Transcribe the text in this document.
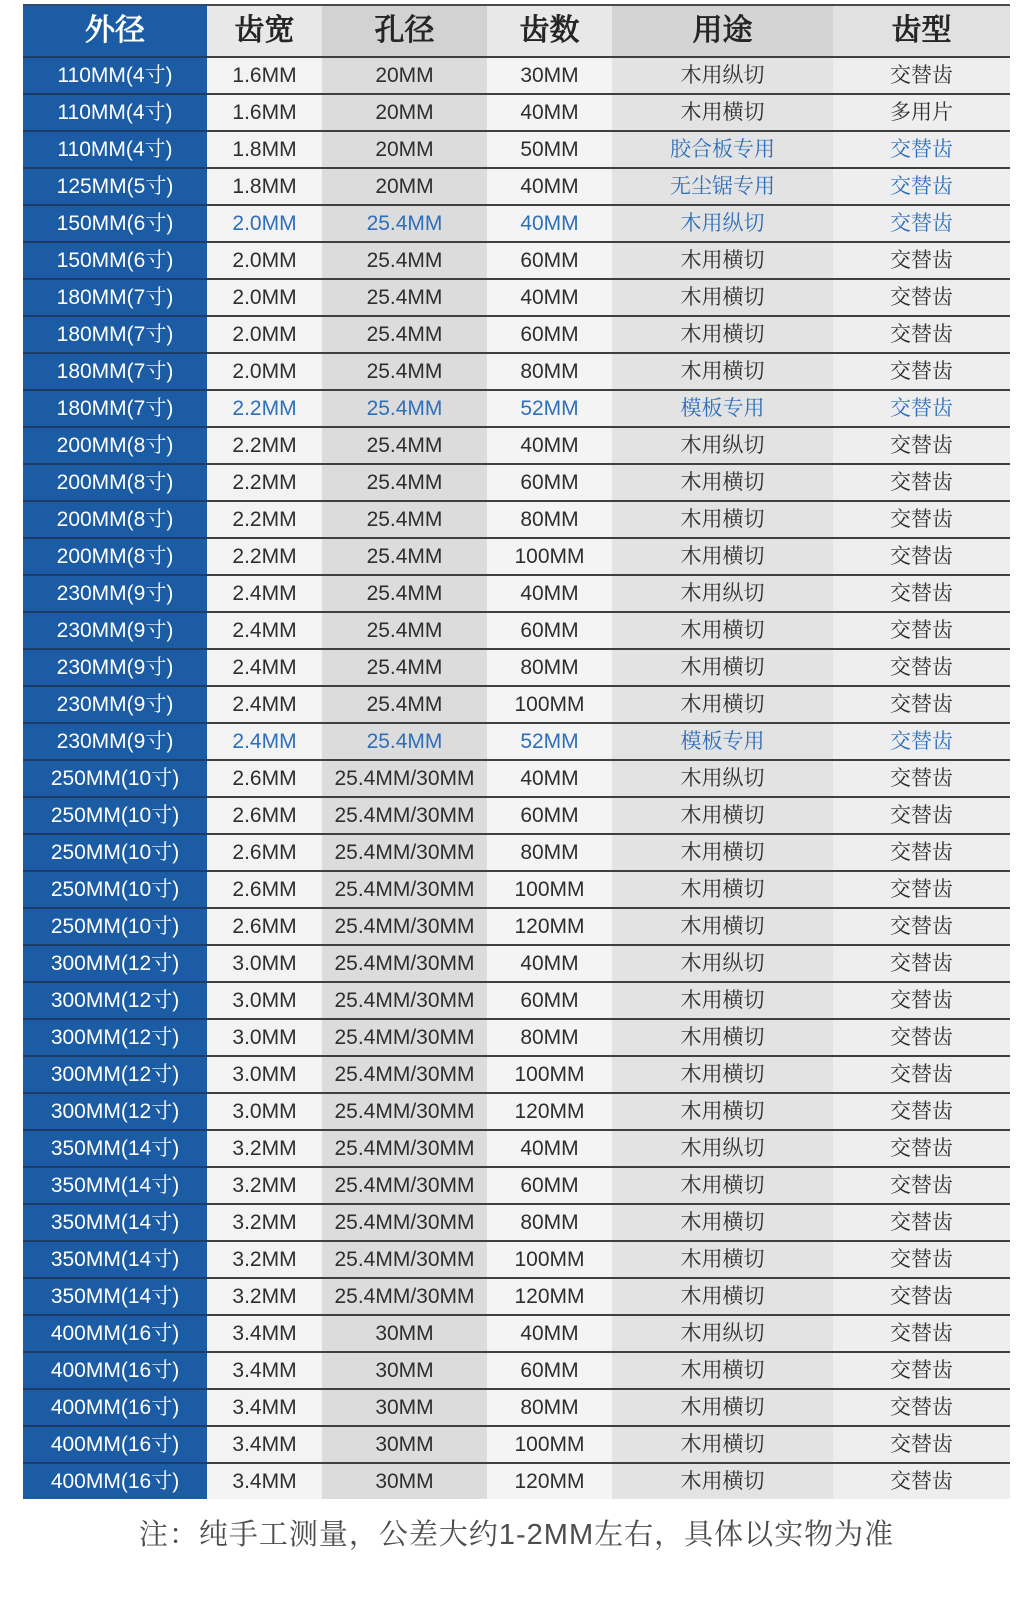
外径	齿宽	孔径	齿数	用途	齿型
110MM(4寸)	1.6MM	20MM	30MM	木用纵切	交替齿
110MM(4寸)	1.6MM	20MM	40MM	木用横切	多用片
110MM(4寸)	1.8MM	20MM	50MM	胶合板专用	交替齿
125MM(5寸)	1.8MM	20MM	40MM	无尘锯专用	交替齿
150MM(6寸)	2.0MM	25.4MM	40MM	木用纵切	交替齿
150MM(6寸)	2.0MM	25.4MM	60MM	木用横切	交替齿
180MM(7寸)	2.0MM	25.4MM	40MM	木用横切	交替齿
180MM(7寸)	2.0MM	25.4MM	60MM	木用横切	交替齿
180MM(7寸)	2.0MM	25.4MM	80MM	木用横切	交替齿
180MM(7寸)	2.2MM	25.4MM	52MM	模板专用	交替齿
200MM(8寸)	2.2MM	25.4MM	40MM	木用纵切	交替齿
200MM(8寸)	2.2MM	25.4MM	60MM	木用横切	交替齿
200MM(8寸)	2.2MM	25.4MM	80MM	木用横切	交替齿
200MM(8寸)	2.2MM	25.4MM	100MM	木用横切	交替齿
230MM(9寸)	2.4MM	25.4MM	40MM	木用纵切	交替齿
230MM(9寸)	2.4MM	25.4MM	60MM	木用横切	交替齿
230MM(9寸)	2.4MM	25.4MM	80MM	木用横切	交替齿
230MM(9寸)	2.4MM	25.4MM	100MM	木用横切	交替齿
230MM(9寸)	2.4MM	25.4MM	52MM	模板专用	交替齿
250MM(10寸)	2.6MM	25.4MM/30MM	40MM	木用纵切	交替齿
250MM(10寸)	2.6MM	25.4MM/30MM	60MM	木用横切	交替齿
250MM(10寸)	2.6MM	25.4MM/30MM	80MM	木用横切	交替齿
250MM(10寸)	2.6MM	25.4MM/30MM	100MM	木用横切	交替齿
250MM(10寸)	2.6MM	25.4MM/30MM	120MM	木用横切	交替齿
300MM(12寸)	3.0MM	25.4MM/30MM	40MM	木用纵切	交替齿
300MM(12寸)	3.0MM	25.4MM/30MM	60MM	木用横切	交替齿
300MM(12寸)	3.0MM	25.4MM/30MM	80MM	木用横切	交替齿
300MM(12寸)	3.0MM	25.4MM/30MM	100MM	木用横切	交替齿
300MM(12寸)	3.0MM	25.4MM/30MM	120MM	木用横切	交替齿
350MM(14寸)	3.2MM	25.4MM/30MM	40MM	木用纵切	交替齿
350MM(14寸)	3.2MM	25.4MM/30MM	60MM	木用横切	交替齿
350MM(14寸)	3.2MM	25.4MM/30MM	80MM	木用横切	交替齿
350MM(14寸)	3.2MM	25.4MM/30MM	100MM	木用横切	交替齿
350MM(14寸)	3.2MM	25.4MM/30MM	120MM	木用横切	交替齿
400MM(16寸)	3.4MM	30MM	40MM	木用纵切	交替齿
400MM(16寸)	3.4MM	30MM	60MM	木用横切	交替齿
400MM(16寸)	3.4MM	30MM	80MM	木用横切	交替齿
400MM(16寸)	3.4MM	30MM	100MM	木用横切	交替齿
400MM(16寸)	3.4MM	30MM	120MM	木用横切	交替齿
注：纯手工测量，公差大约1-2MM左右，具体以实物为准
